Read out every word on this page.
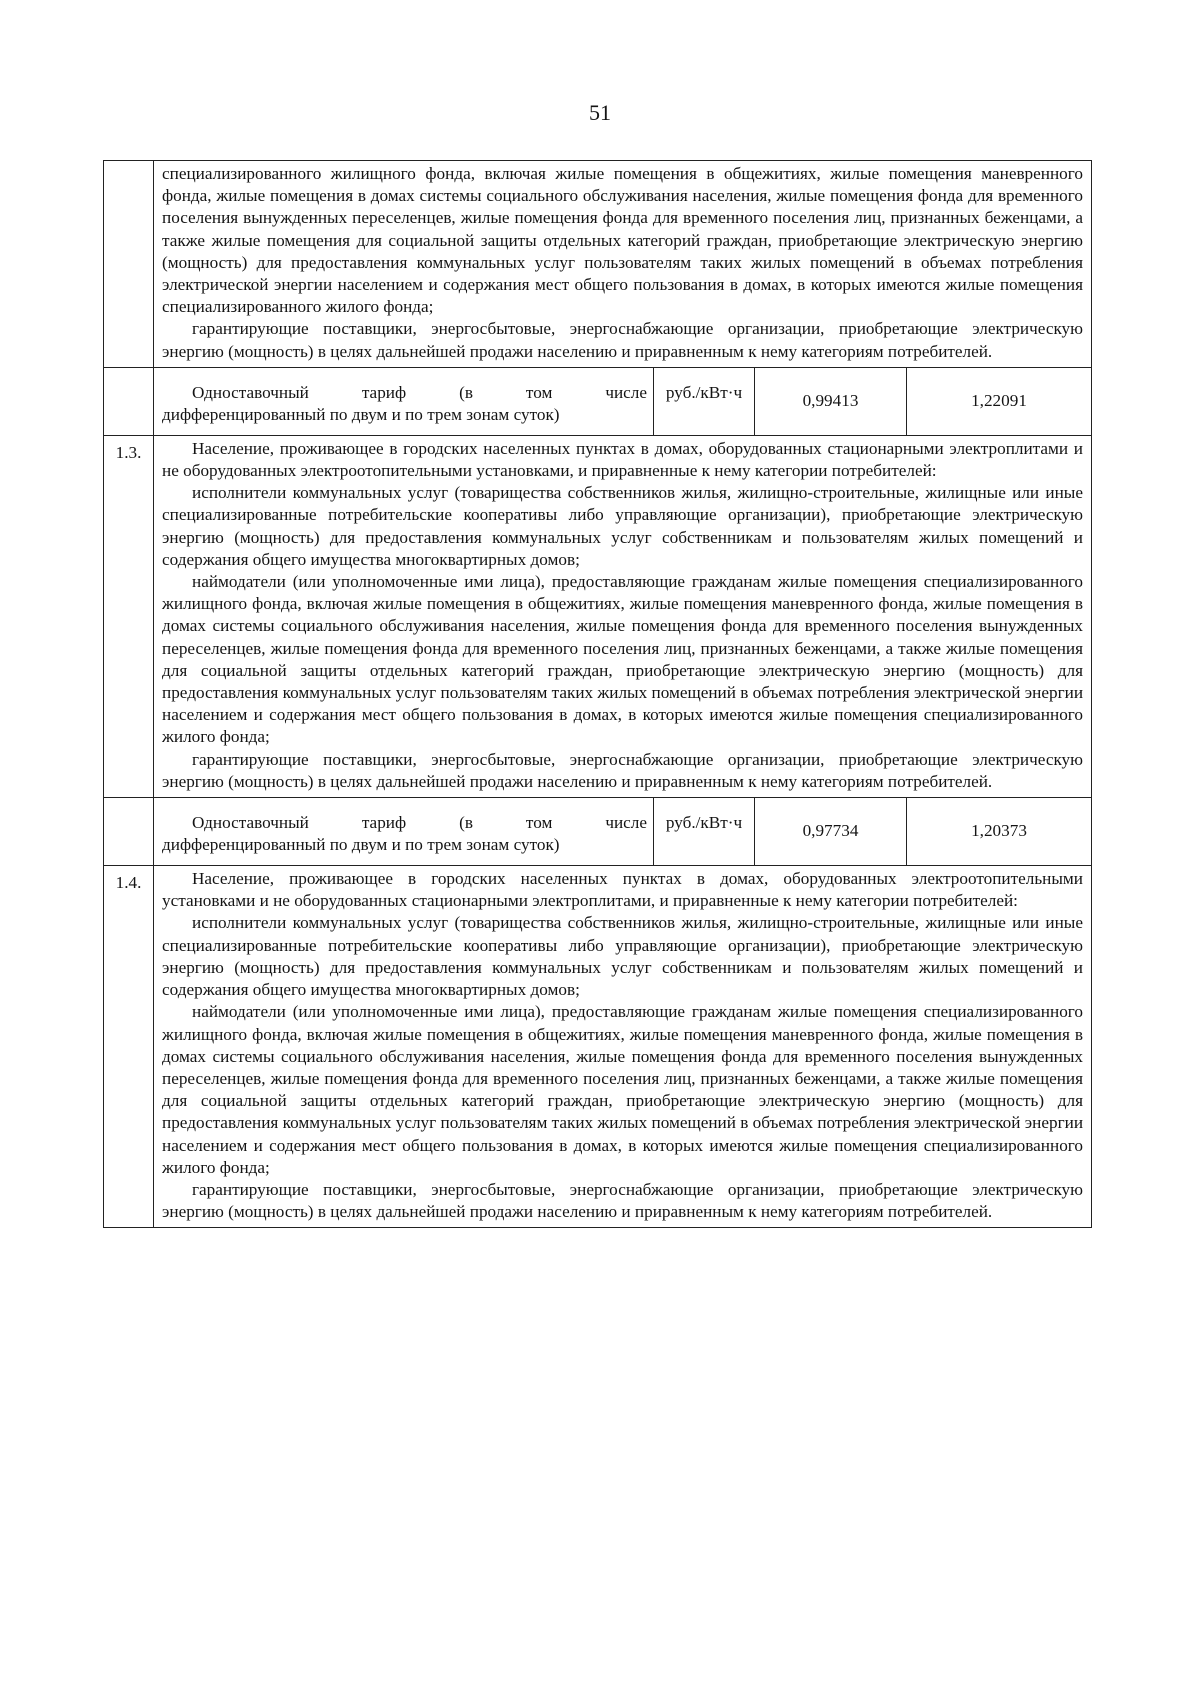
51

	специализированного жилищного фонда, включая жилые помещения в общежитиях, жилые помещения маневренного фонда, жилые помещения в домах системы социального обслуживания населения, жилые помещения фонда для временного поселения вынужденных переселенцев, жилые помещения фонда для временного поселения лиц, признанных беженцами, а также жилые помещения для социальной защиты отдельных категорий граждан, приобретающие электрическую энергию (мощность) для предоставления коммунальных услуг пользователям таких жилых помещений в объемах потребления электрической энергии населением и содержания мест общего пользования в домах, в которых имеются жилые помещения специализированного жилого фонда;

гарантирующие поставщики, энергосбытовые, энергоснабжающие организации, приобретающие электрическую энергию (мощность) в целях дальнейшей продажи населению и приравненным к нему категориям потребителей.			

	Одноставочный тариф (в том числе
дифференцированный по двум и по трем зонам суток)	руб./кВт·ч	0,99413	1,22091
1.3.	Население, проживающее в городских населенных пунктах в домах, оборудованных стационарными электроплитами и не оборудованных электроотопительными установками, и приравненные к нему категории потребителей:

исполнители коммунальных услуг (товарищества собственников жилья, жилищно-строительные, жилищные или иные специализированные потребительские кооперативы либо управляющие организации), приобретающие электрическую энергию (мощность) для предоставления коммунальных услуг собственникам и пользователям жилых помещений и содержания общего имущества многоквартирных домов;

наймодатели (или уполномоченные ими лица), предоставляющие гражданам жилые помещения специализированного жилищного фонда, включая жилые помещения в общежитиях, жилые помещения маневренного фонда, жилые помещения в домах системы социального обслуживания населения, жилые помещения фонда для временного поселения вынужденных переселенцев, жилые помещения фонда для временного поселения лиц, признанных беженцами, а также жилые помещения для социальной защиты отдельных категорий граждан, приобретающие электрическую энергию (мощность) для предоставления коммунальных услуг пользователям таких жилых помещений в объемах потребления электрической энергии населением и содержания мест общего пользования в домах, в которых имеются жилые помещения специализированного жилого фонда;

гарантирующие поставщики, энергосбытовые, энергоснабжающие организации, приобретающие электрическую энергию (мощность) в целях дальнейшей продажи населению и приравненным к нему категориям потребителей.			

	Одноставочный тариф (в том числе
дифференцированный по двум и по трем зонам суток)	руб./кВт·ч	0,97734	1,20373
1.4.	Население, проживающее в городских населенных пунктах в домах, оборудованных электроотопительными установками и не оборудованных стационарными электроплитами, и приравненные к нему категории потребителей:

исполнители коммунальных услуг (товарищества собственников жилья, жилищно-строительные, жилищные или иные специализированные потребительские кооперативы либо управляющие организации), приобретающие электрическую энергию (мощность) для предоставления коммунальных услуг собственникам и пользователям жилых помещений и содержания общего имущества многоквартирных домов;

наймодатели (или уполномоченные ими лица), предоставляющие гражданам жилые помещения специализированного жилищного фонда, включая жилые помещения в общежитиях, жилые помещения маневренного фонда, жилые помещения в домах системы социального обслуживания населения, жилые помещения фонда для временного поселения вынужденных переселенцев, жилые помещения фонда для временного поселения лиц, признанных беженцами, а также жилые помещения для социальной защиты отдельных категорий граждан, приобретающие электрическую энергию (мощность) для предоставления коммунальных услуг пользователям таких жилых помещений в объемах потребления электрической энергии населением и содержания мест общего пользования в домах, в которых имеются жилые помещения специализированного жилого фонда;

гарантирующие поставщики, энергосбытовые, энергоснабжающие организации, приобретающие электрическую энергию (мощность) в целях дальнейшей продажи населению и приравненным к нему категориям потребителей.			
